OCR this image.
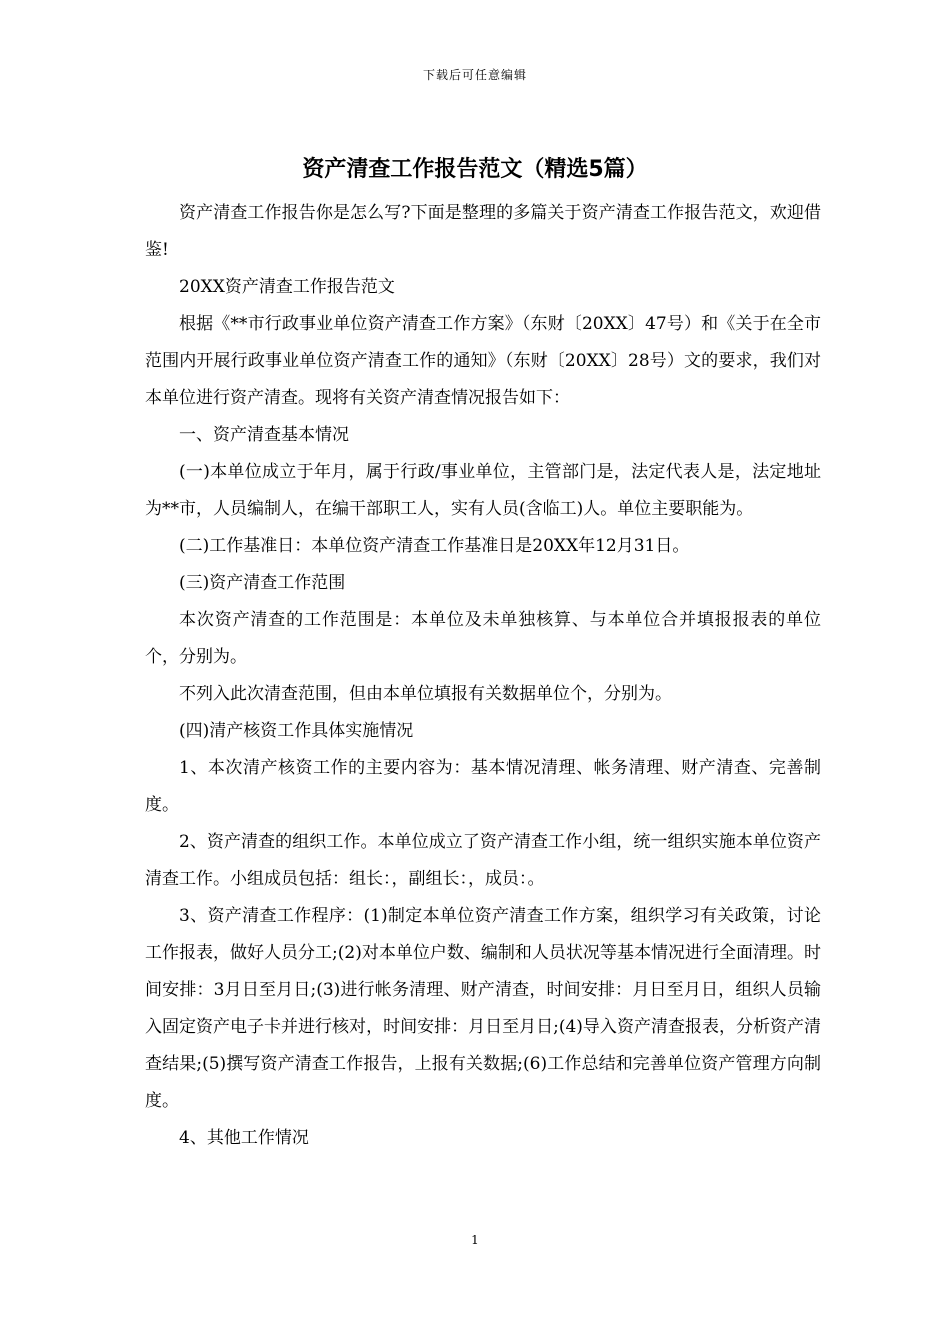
下载后可任意编辑
资产清查工作报告范文（精选5篇）

资产清查工作报告你是怎么写?下面是整理的多篇关于资产清查工作报告范文，欢迎借鉴!

20XX资产清查工作报告范文

根据《**市行政事业单位资产清查工作方案》（东财〔20XX〕47号）和《关于在全市范围内开展行政事业单位资产清查工作的通知》（东财〔20XX〕28号）文的要求，我们对本单位进行资产清查。现将有关资产清查情况报告如下：

一、资产清查基本情况

(一)本单位成立于年月，属于行政/事业单位，主管部门是，法定代表人是，法定地址为**市，人员编制人，在编干部职工人，实有人员(含临工)人。单位主要职能为。

(二)工作基准日：本单位资产清查工作基准日是20XX年12月31日。

(三)资产清查工作范围

本次资产清查的工作范围是：本单位及未单独核算、与本单位合并填报报表的单位个，分别为。

不列入此次清查范围，但由本单位填报有关数据单位个，分别为。

(四)清产核资工作具体实施情况

1、本次清产核资工作的主要内容为：基本情况清理、帐务清理、财产清查、完善制度。

2、资产清查的组织工作。本单位成立了资产清查工作小组，统一组织实施本单位资产清查工作。小组成员包括：组长：，副组长：，成员：。

3、资产清查工作程序：(1)制定本单位资产清查工作方案，组织学习有关政策，讨论工作报表，做好人员分工;(2)对本单位户数、编制和人员状况等基本情况进行全面清理。时间安排：3月日至月日;(3)进行帐务清理、财产清查，时间安排：月日至月日，组织人员输入固定资产电子卡并进行核对，时间安排：月日至月日;(4)导入资产清查报表，分析资产清查结果;(5)撰写资产清查工作报告，上报有关数据;(6)工作总结和完善单位资产管理方向制度。

4、其他工作情况

1
